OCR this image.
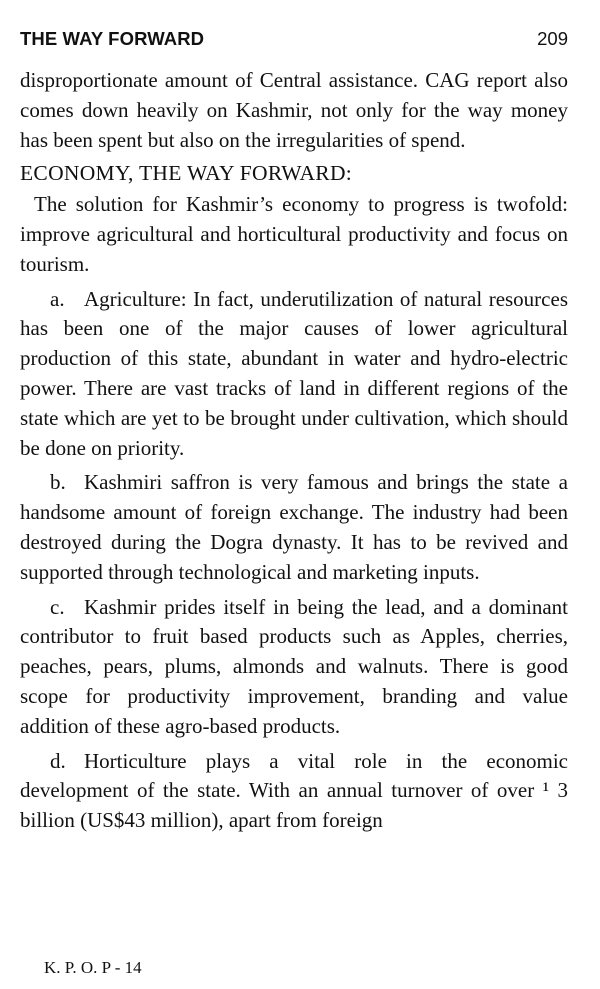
THE WAY FORWARD	209

disproportionate amount of Central assistance. CAG report also comes down heavily on Kashmir, not only for the way money has been spent but also on the irregularities of spend.

ECONOMY, THE WAY FORWARD:

The solution for Kashmir’s economy to progress is twofold: improve agricultural and horticultural productivity and focus on tourism.

a. Agriculture: In fact, underutilization of natural resources has been one of the major causes of lower agricultural production of this state, abundant in water and hydro-electric power. There are vast tracks of land in different regions of the state which are yet to be brought under cultivation, which should be done on priority.

b. Kashmiri saffron is very famous and brings the state a handsome amount of foreign exchange. The industry had been destroyed during the Dogra dynasty. It has to be revived and supported through technological and marketing inputs.

c. Kashmir prides itself in being the lead, and a dominant contributor to fruit based products such as Apples, cherries, peaches, pears, plums, almonds and walnuts. There is good scope for productivity improvement, branding and value addition of these agro-based products.

d. Horticulture plays a vital role in the economic development of the state. With an annual turnover of over ¹ 3 billion (US$43 million), apart from foreign

K. P. O. P - 14
